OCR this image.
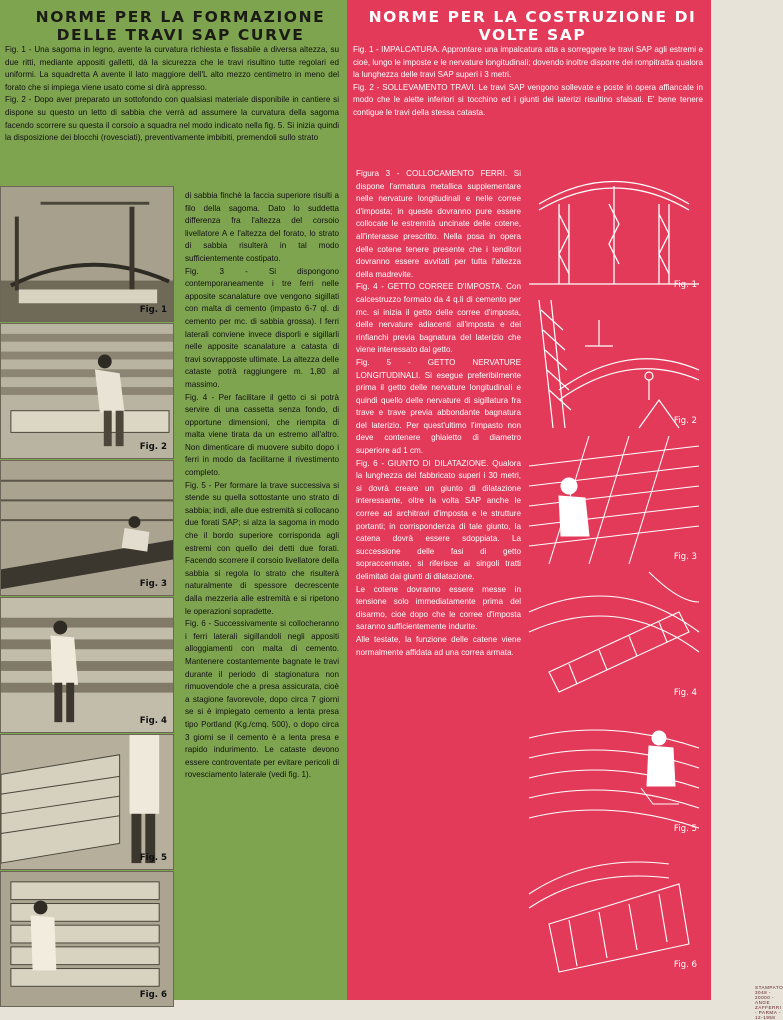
NORME PER LA FORMAZIONE DELLE TRAVI SAP CURVE

Fig. 1 - Una sagoma in legno, avente la curvatura richiesta e fissabile a diversa altezza, su due ritti, mediante appositi galletti, dà la sicurezza che le travi risultino tutte regolari ed uniformi. La squadretta A avente il lato maggiore dell'L alto mezzo centimetro in meno del forato che si impiega viene usato come si dirà appresso.

Fig. 2 - Dopo aver preparato un sottofondo con qualsiasi materiale disponibile in cantiere si dispone su questo un letto di sabbia che verrà ad assumere la curvatura della sagoma facendo scorrere su questa il corsoio a squadra nel modo indicato nella fig. 5. Si inizia quindi la disposizione dei blocchi (rovesciati), preventivamente imbibiti, premendoli sullo strato

Fig. 1
Fig. 2
Fig. 3
Fig. 4
Fig. 5
Fig. 6

di sabbia finchè la faccia superiore risulti a filo della sagoma. Dato lo suddetta differenza fra l'altezza del corsoio livellatore A e l'altezza del forato, lo strato di sabbia risulterà in tal modo sufficientemente costipato.

Fig. 3 - Si dispongono contemporaneamente i tre ferri nelle apposite scanalature ove vengono sigillati con malta di cemento (impasto 6-7 ql. di cemento per mc. di sabbia grossa). I ferri laterali conviene invece disporli e sigillarli nelle apposite scanalature a catasta di travi sovrapposte ultimate. La altezza delle cataste potrà raggiungere m. 1,80 al massimo.

Fig. 4 - Per facilitare il getto ci si potrà servire di una cassetta senza fondo, di opportune dimensioni, che riempita di malta viene tirata da un estremo all'altro. Non dimenticare di muovere subito dopo i ferri in modo da facilitarne il rivestimento completo.

Fig. 5 - Per formare la trave successiva si stende su quella sottostante uno strato di sabbia; indi, alle due estremità si collocano due forati SAP; si alza la sagoma in modo che il bordo superiore corrisponda agli estremi con quello dei detti due forati. Facendo scorrere il corsoio livellatore della sabbia si regola lo strato che risulterà naturalmente di spessore decrescente dalla mezzeria alle estremità e si ripetono le operazioni sopradette.

Fig. 6 - Successivamente si collocheranno i ferri laterali sigillandoli negli appositi alloggiamenti con malta di cemento. Mantenere costantemente bagnate le travi durante il periodo di stagionatura non rimuovendole che a presa assicurata, cioè a stagione favorevole, dopo circa 7 giorni se si è impiegato cemento a lenta presa tipo Portland (Kg./cmq. 500), o dopo circa 3 giorni se il cemento è a lenta presa e rapido indurimento. Le cataste devono essere controventate per evitare pericoli di rovesciamento laterale (vedi fig. 1).

NORME PER LA COSTRUZIONE DI VOLTE SAP

Fig. 1 - IMPALCATURA. Approntare una impalcatura atta a sorreggere le travi SAP agli estremi e cioè, lungo le imposte e le nervature longitudinali; dovendo inoltre disporre dei rompitratta qualora la lunghezza delle travi SAP superi i 3 metri.

Fig. 2 - SOLLEVAMENTO TRAVI. Le travi SAP vengono sollevate e poste in opera affiancate in modo che le alette inferiori si tocchino ed i giunti dei laterizi risultino sfalsati. E' bene tenere contigue le travi della stessa catasta.

Figura 3 - COLLOCAMENTO FERRI. Si dispone l'armatura metallica supplementare nelle nervature longitudinali e nelle corree d'imposta; in queste dovranno pure essere collocate le estremità uncinate delle cotene, all'interasse prescritto. Nella posa in opera delle cotene tenere presente che i tenditori dovranno essere avvitati per tutta l'altezza della madrevite.

Fig. 4 - GETTO CORREE D'IMPOSTA. Con calcestruzzo formato da 4 q.li di cemento per mc. si inizia il getto delle corree d'imposta, delle nervature adiacenti all'imposta e dei rinfianchi previa bagnatura del laterizio che viene interessato dal getto.

Fig. 5 - GETTO NERVATURE LONGITUDINALI. Si esegue preferibilmente prima il getto delle nervature longitudinali e quindi quello delle nervature di sigillatura fra trave e trave previa abbondante bagnatura del laterizio. Per quest'ultimo l'impasto non deve contenere ghiaietto di diametro superiore ad 1 cm.

Fig. 6 - GIUNTO DI DILATAZIONE. Qualora la lunghezza del fabbricato superi i 30 metri, si dovrà creare un giunto di dilatazione interessante, oltre la volta SAP anche le corree ad architravi d'imposta e le strutture portanti; in corrispondenza di tale giunto, la catena dovrà essere sdoppiata. La successione delle fasi di getto sopraccennate, si riferisce ai singoli tratti delimitati dai giunti di dilatazione.

Le cotene dovranno essere messe in tensione solo immediatamente prima del disarmo, cioè dopo che le corree d'imposta saranno sufficientemente indurite.

Alle testate, la funzione delle catene viene normalmente affidata ad una correa armata.

Fig. 1
Fig. 2
Fig. 3
Fig. 4
Fig. 5
Fig. 6
STAMPATO 3048 - 20000 - ANGE ZAFFERRI - PARMA - 12-1958
